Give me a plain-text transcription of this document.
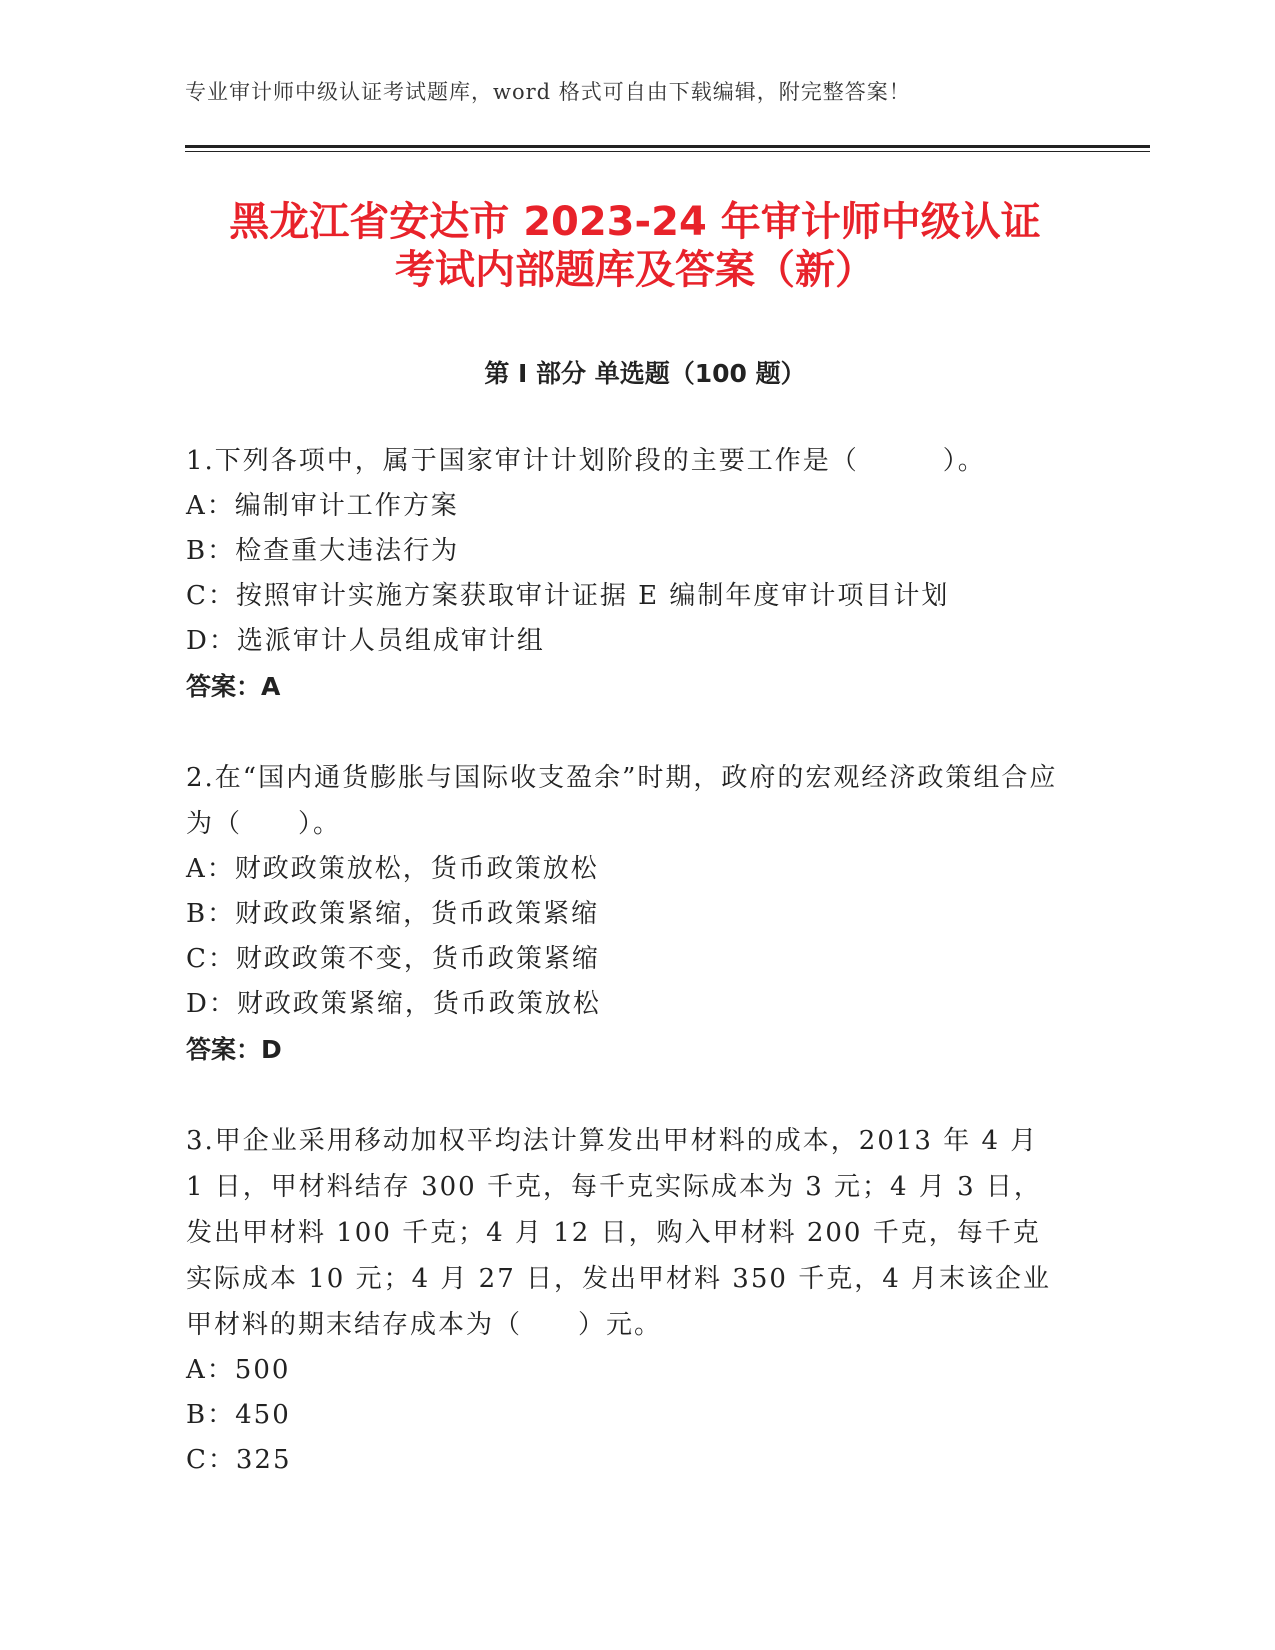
专业审计师中级认证考试题库，word 格式可自由下载编辑，附完整答案！
黑龙江省安达市 2023-24 年审计师中级认证
考试内部题库及答案（新）
第 I 部分 单选题（100 题）

1.下列各项中，属于国家审计计划阶段的主要工作是（　　　）。

A：编制审计工作方案

B：检查重大违法行为

C：按照审计实施方案获取审计证据 E 编制年度审计项目计划

D：选派审计人员组成审计组

答案：A

2.在“国内通货膨胀与国际收支盈余”时期，政府的宏观经济政策组合应为（　　）。

A：财政政策放松，货币政策放松

B：财政政策紧缩，货币政策紧缩

C：财政政策不变，货币政策紧缩

D：财政政策紧缩，货币政策放松

答案：D

3.甲企业采用移动加权平均法计算发出甲材料的成本，2013 年 4 月 1 日，甲材料结存 300 千克，每千克实际成本为 3 元；4 月 3 日，发出甲材料 100 千克；4 月 12 日，购入甲材料 200 千克，每千克实际成本 10 元；4 月 27 日，发出甲材料 350 千克，4 月末该企业甲材料的期末结存成本为（　　）元。

A：500

B：450

C：325
